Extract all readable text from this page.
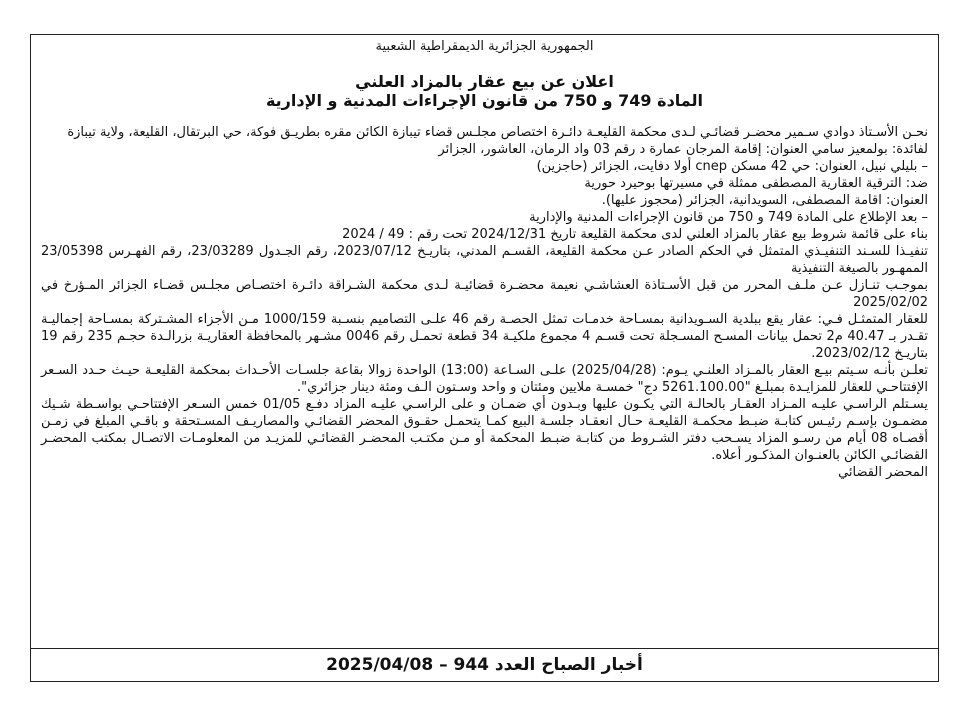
الجمهورية الجزائرية الديمقراطية الشعبية
اعلان عن بيع عقار بالمزاد العلني
المادة 749 و 750 من قانون الإجراءات المدنية و الإدارية

نحـن الأسـتاذ دوادي سـمير محضـر قضائـي لـدى محكمة القليعـة دائـرة اختصاص مجلـس قضاء تيبازة الكائن مقره بطريـق فوكة، حي البرتقال، القليعة، ولاية تيبازة

لفائدة: بولمعيز سامي العنوان: إقامة المرجان عمارة د رقم 03 واد الرمان، العاشور، الجزائر

– بليلي نبيل، العنوان: حي 42 مسكن cnep أولا دفايت، الجزائر (حاجزين)

ضد: الترقية العقارية المصطفى ممثلة في مسيرتها بوحيرد حورية

العنوان: اقامة المصطفى، السويدانية، الجزائر (محجوز عليها).

– بعد الإطلاع على المادة 749 و 750 من قانون الإجراءات المدنية والإدارية

بناء على قائمة شروط بيع عقار بالمزاد العلني لدى محكمة القليعة تاريخ 2024/12/31 تحت رقم : 49 / 2024

تنفيـذا للسـند التنفيـذي المتمثل في الحكم الصادر عـن محكمة القليعة، القسـم المدني، بتاريـخ 2023/07/12، رقم الجـدول 23/03289، رقم الفهـرس 23/05398 الممهـور بالصيغة التنفيذية

بموجـب تنـازل عـن ملـف المحرر من قبل الأسـتاذة العشاشـي نعيمة محضـرة قضائيـة لـدى محكمة الشـراقة دائـرة اختصـاص مجلـس قضـاء الجزائر المـؤرخ في 2025/02/02

للعقار المتمثـل فـي: عقار يقع ببلدية السـويدانية بمسـاحة خدمـات تمثل الحصـة رقم 46 علـى التصاميم بنسـبة 1000/159 مـن الأجزاء المشـتركة بمسـاحة إجماليـة تقـدر بـ 40.47 م2 تحمل بيانات المسـح المسـجلة تحت قسـم 4 مجموع ملكيـة 34 قطعة تحمـل رقم 0046 مشـهر بالمحافظة العقاريـة بزرالـدة حجـم 235 رقم 19 بتاريـخ 2023/02/12.

تعلـن بأنـه سـيتم بيـع العقار بالمـزاد العلنـي يـوم: (2025/04/28) علـى السـاعة (13:00) الواحدة زوالا بقاعة جلسـات الأحـداث بمحكمة القليعـة حيـث حـدد السـعر الإفتتاحـي للعقار للمزايـدة بمبلـغ "5261.100.00 دج" خمسـة ملايين ومئتان و واحد وسـتون الـف ومئة دينار جزائري".

يسـتلم الراسـي عليـه المـزاد العقـار بالحالـة التي يكـون عليها وبـدون أي ضمـان و على الراسـي عليـه المزاد دفـع 01/05 خمس السـعر الإفتتاحـي بواسـطة شـيك مضمـون بإسـم رئيـس كتابـة ضبـط محكمـة القليعـة حـال انعقـاد جلسـة البيع كمـا يتحمـل حقـوق المحضر القضائـي والمصاريـف المسـتحقة و باقـي المبلغ في زمـن أقصـاه 08 أيام من رسـو المزاد يسـحب دفتر الشـروط من كتابـة ضبـط المحكمة أو مـن مكتـب المحضـر القضائـي للمزيـد من المعلومـات الاتصـال بمكتب المحضـر القضائـي الكائن بالعنـوان المذكـور أعلاه.

المحضر القضائي
أخبار الصباح العدد 944 – 2025/04/08
